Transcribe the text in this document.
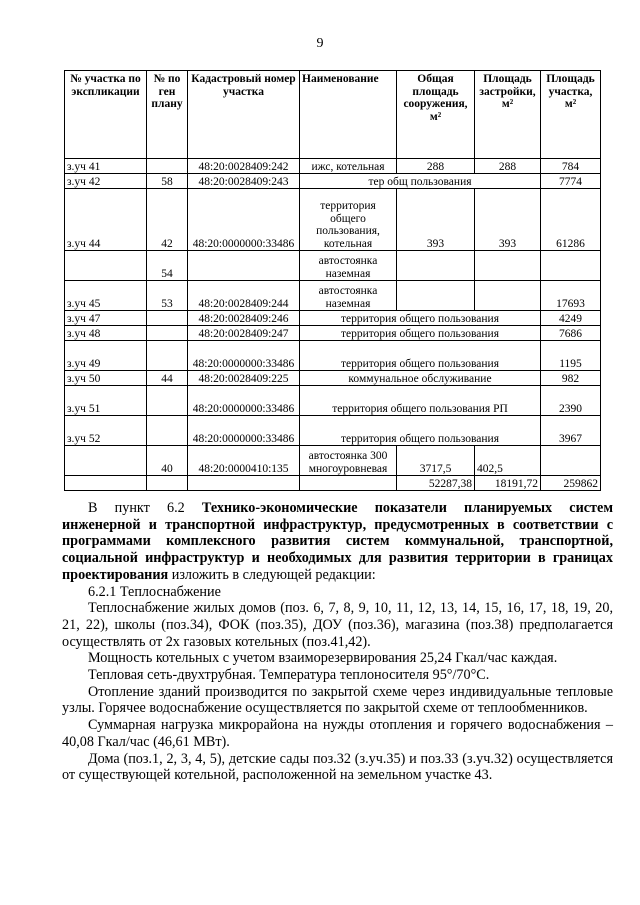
9
№ участка по экспликации	№ по ген плану	Кадастровый номер участка	Наименование	Общая площадь сооружения, м²	Площадь застройки, м²	Площадь участка, м²
з.уч 41		48:20:0028409:242	ижс, котельная	288	288	784
з.уч 42	58	48:20:0028409:243	тер общ пользования			7774
з.уч 44	42	48:20:0000000:33486	территория общего пользования, котельная	393	393	61286
	54		автостоянка наземная			
з.уч 45	53	48:20:0028409:244	автостоянка наземная			17693
з.уч 47		48:20:0028409:246	территория общего пользования			4249
з.уч 48		48:20:0028409:247	территория общего пользования			7686
з.уч 49		48:20:0000000:33486	территория общего пользования			1195
з.уч 50	44	48:20:0028409:225	коммунальное обслуживание			982
з.уч 51		48:20:0000000:33486	территория общего пользования РП			2390
з.уч 52		48:20:0000000:33486	территория общего пользования			3967
	40	48:20:0000410:135	автостоянка 300 многоуровневая	3717,5	402,5	
				52287,38	18191,72	259862

В пункт 6.2 Технико-экономические показатели планируемых систем инженерной и транспортной инфраструктур, предусмотренных в соответствии с программами комплексного развития систем коммунальной, транспортной, социальной инфраструктур и необходимых для развития территории в границах проектирования изложить в следующей редакции:

6.2.1 Теплоснабжение

Теплоснабжение жилых домов (поз. 6, 7, 8, 9, 10, 11, 12, 13, 14, 15, 16, 17, 18, 19, 20, 21, 22), школы (поз.34), ФОК (поз.35), ДОУ (поз.36), магазина (поз.38) предполагается осуществлять от 2х газовых котельных (поз.41,42).

Мощность котельных с учетом взаиморезервирования 25,24 Гкал/час каждая.

Тепловая сеть-двухтрубная. Температура теплоносителя 95°/70°С.

Отопление зданий производится по закрытой схеме через индивидуальные тепловые узлы. Горячее водоснабжение осуществляется по закрытой схеме от теплообменников.

Суммарная нагрузка микрорайона на нужды отопления и горячего водоснабжения – 40,08 Гкал/час (46,61 МВт).

Дома (поз.1, 2, 3, 4, 5), детские сады поз.32 (з.уч.35) и поз.33 (з.уч.32) осуществляется от существующей котельной, расположенной на земельном участке 43.
